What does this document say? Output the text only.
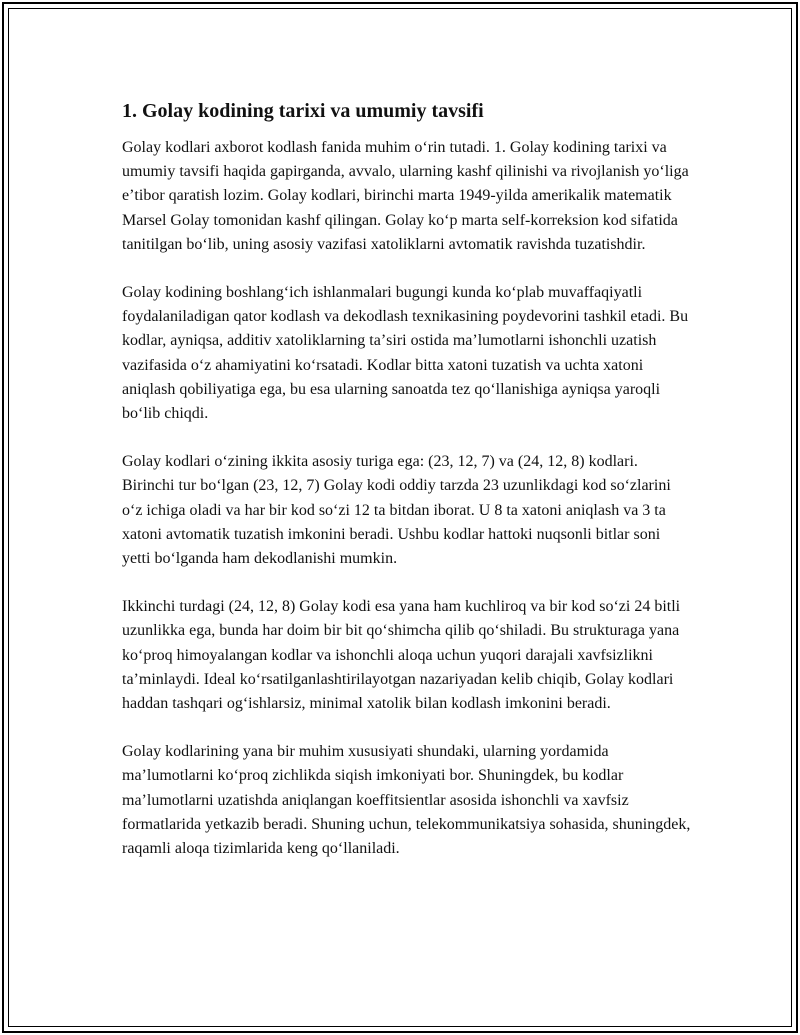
1. Golay kodining tarixi va umumiy tavsifi

Golay kodlari axborot kodlash fanida muhim oʻrin tutadi. 1. Golay kodining tarixi va umumiy tavsifi haqida gapirganda, avvalo, ularning kashf qilinishi va rivojlanish yoʻliga eʼtibor qaratish lozim. Golay kodlari, birinchi marta 1949-yilda amerikalik matematik Marsel Golay tomonidan kashf qilingan. Golay koʻp marta self-korreksion kod sifatida tanitilgan boʻlib, uning asosiy vazifasi xatoliklarni avtomatik ravishda tuzatishdir.

Golay kodining boshlangʻich ishlanmalari bugungi kunda koʻplab muvaffaqiyatli foydalaniladigan qator kodlash va dekodlash texnikasining poydevorini tashkil etadi. Bu kodlar, ayniqsa, additiv xatoliklarning taʼsiri ostida maʼlumotlarni ishonchli uzatish vazifasida oʻz ahamiyatini koʻrsatadi. Kodlar bitta xatoni tuzatish va uchta xatoni aniqlash qobiliyatiga ega, bu esa ularning sanoatda tez qoʻllanishiga ayniqsa yaroqli boʻlib chiqdi.

Golay kodlari oʻzining ikkita asosiy turiga ega: (23, 12, 7) va (24, 12, 8) kodlari. Birinchi tur boʻlgan (23, 12, 7) Golay kodi oddiy tarzda 23 uzunlikdagi kod soʻzlarini oʻz ichiga oladi va har bir kod soʻzi 12 ta bitdan iborat. U 8 ta xatoni aniqlash va 3 ta xatoni avtomatik tuzatish imkonini beradi. Ushbu kodlar hattoki nuqsonli bitlar soni yetti boʻlganda ham dekodlanishi mumkin.

Ikkinchi turdagi (24, 12, 8) Golay kodi esa yana ham kuchliroq va bir kod soʻzi 24 bitli uzunlikka ega, bunda har doim bir bit qoʻshimcha qilib qoʻshiladi. Bu strukturaga yana koʻproq himoyalangan kodlar va ishonchli aloqa uchun yuqori darajali xavfsizlikni taʼminlaydi. Ideal koʻrsatilganlashtirilayotgan nazariyadan kelib chiqib, Golay kodlari haddan tashqari ogʻishlarsiz, minimal xatolik bilan kodlash imkonini beradi.

Golay kodlarining yana bir muhim xususiyati shundaki, ularning yordamida maʼlumotlarni koʻproq zichlikda siqish imkoniyati bor. Shuningdek, bu kodlar maʼlumotlarni uzatishda aniqlangan koeffitsientlar asosida ishonchli va xavfsiz formatlarida yetkazib beradi. Shuning uchun, telekommunikatsiya sohasida, shuningdek, raqamli aloqa tizimlarida keng qoʻllaniladi.
